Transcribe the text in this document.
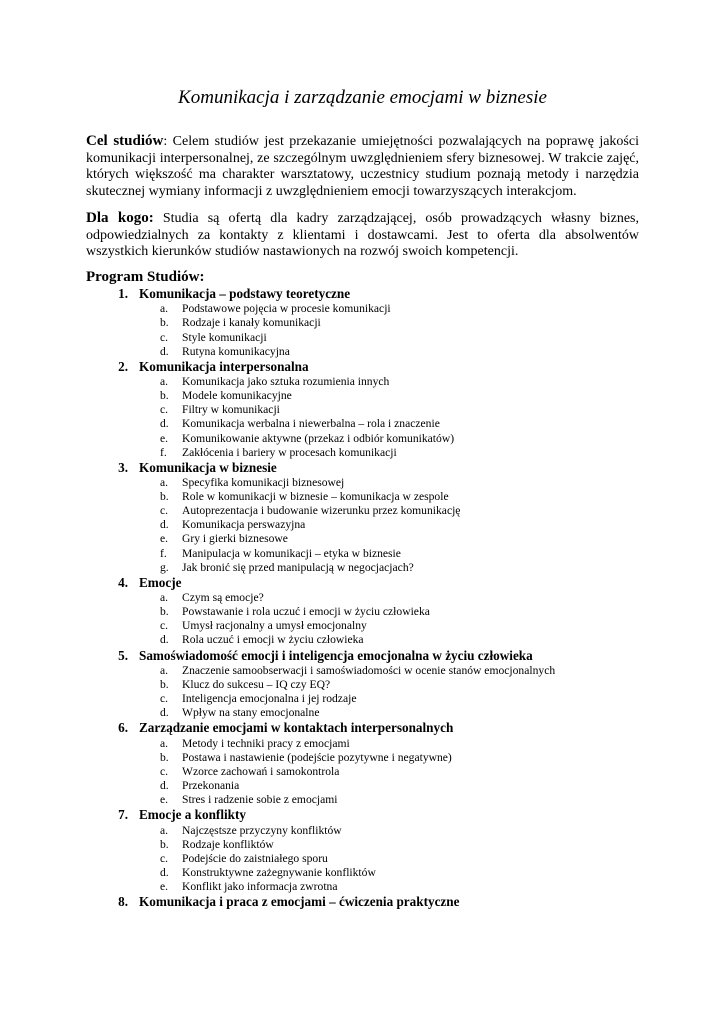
Komunikacja i zarządzanie emocjami w biznesie
Cel studiów: Celem studiów jest przekazanie umiejętności pozwalających na poprawę jakości komunikacji interpersonalnej, ze szczególnym uwzględnieniem sfery biznesowej. W trakcie zajęć, których większość ma charakter warsztatowy, uczestnicy studium poznają metody i narzędzia skutecznej wymiany informacji z uwzględnieniem emocji towarzyszących interakcjom.
Dla kogo: Studia są ofertą dla kadry zarządzającej, osób prowadzących własny biznes, odpowiedzialnych za kontakty z klientami i dostawcami. Jest to oferta dla absolwentów wszystkich kierunków studiów nastawionych na rozwój swoich kompetencji.
Program Studiów:
1. Komunikacja – podstawy teoretyczne
a. Podstawowe pojęcia w procesie komunikacji
b. Rodzaje i kanały komunikacji
c. Style komunikacji
d. Rutyna komunikacyjna
2. Komunikacja interpersonalna
a. Komunikacja jako sztuka rozumienia innych
b. Modele komunikacyjne
c. Filtry w komunikacji
d. Komunikacja werbalna i niewerbalna – rola i znaczenie
e. Komunikowanie aktywne (przekaz i odbiór komunikatów)
f. Zakłócenia i bariery w procesach komunikacji
3. Komunikacja w biznesie
a. Specyfika komunikacji biznesowej
b. Role w komunikacji w biznesie – komunikacja w zespole
c. Autoprezentacja i budowanie wizerunku przez komunikację
d. Komunikacja perswazyjna
e. Gry i gierki biznesowe
f. Manipulacja w komunikacji – etyka w biznesie
g. Jak bronić się przed manipulacją w negocjacjach?
4. Emocje
a. Czym są emocje?
b. Powstawanie i rola uczuć i emocji w życiu człowieka
c. Umysł racjonalny a umysł emocjonalny
d. Rola uczuć i emocji w życiu człowieka
5. Samoświadomość emocji i inteligencja emocjonalna w życiu człowieka
a. Znaczenie samoobserwacji i samoświadomości w ocenie stanów emocjonalnych
b. Klucz do sukcesu – IQ czy EQ?
c. Inteligencja emocjonalna i jej rodzaje
d. Wpływ na stany emocjonalne
6. Zarządzanie emocjami w kontaktach interpersonalnych
a. Metody i techniki pracy z emocjami
b. Postawa i nastawienie (podejście pozytywne i negatywne)
c. Wzorce zachowań i samokontrola
d. Przekonania
e. Stres i radzenie sobie z emocjami
7. Emocje a konflikty
a. Najczęstsze przyczyny konfliktów
b. Rodzaje konfliktów
c. Podejście do zaistniałego sporu
d. Konstruktywne zażegnywanie konfliktów
e. Konflikt jako informacja zwrotna
8. Komunikacja i praca z emocjami – ćwiczenia praktyczne
